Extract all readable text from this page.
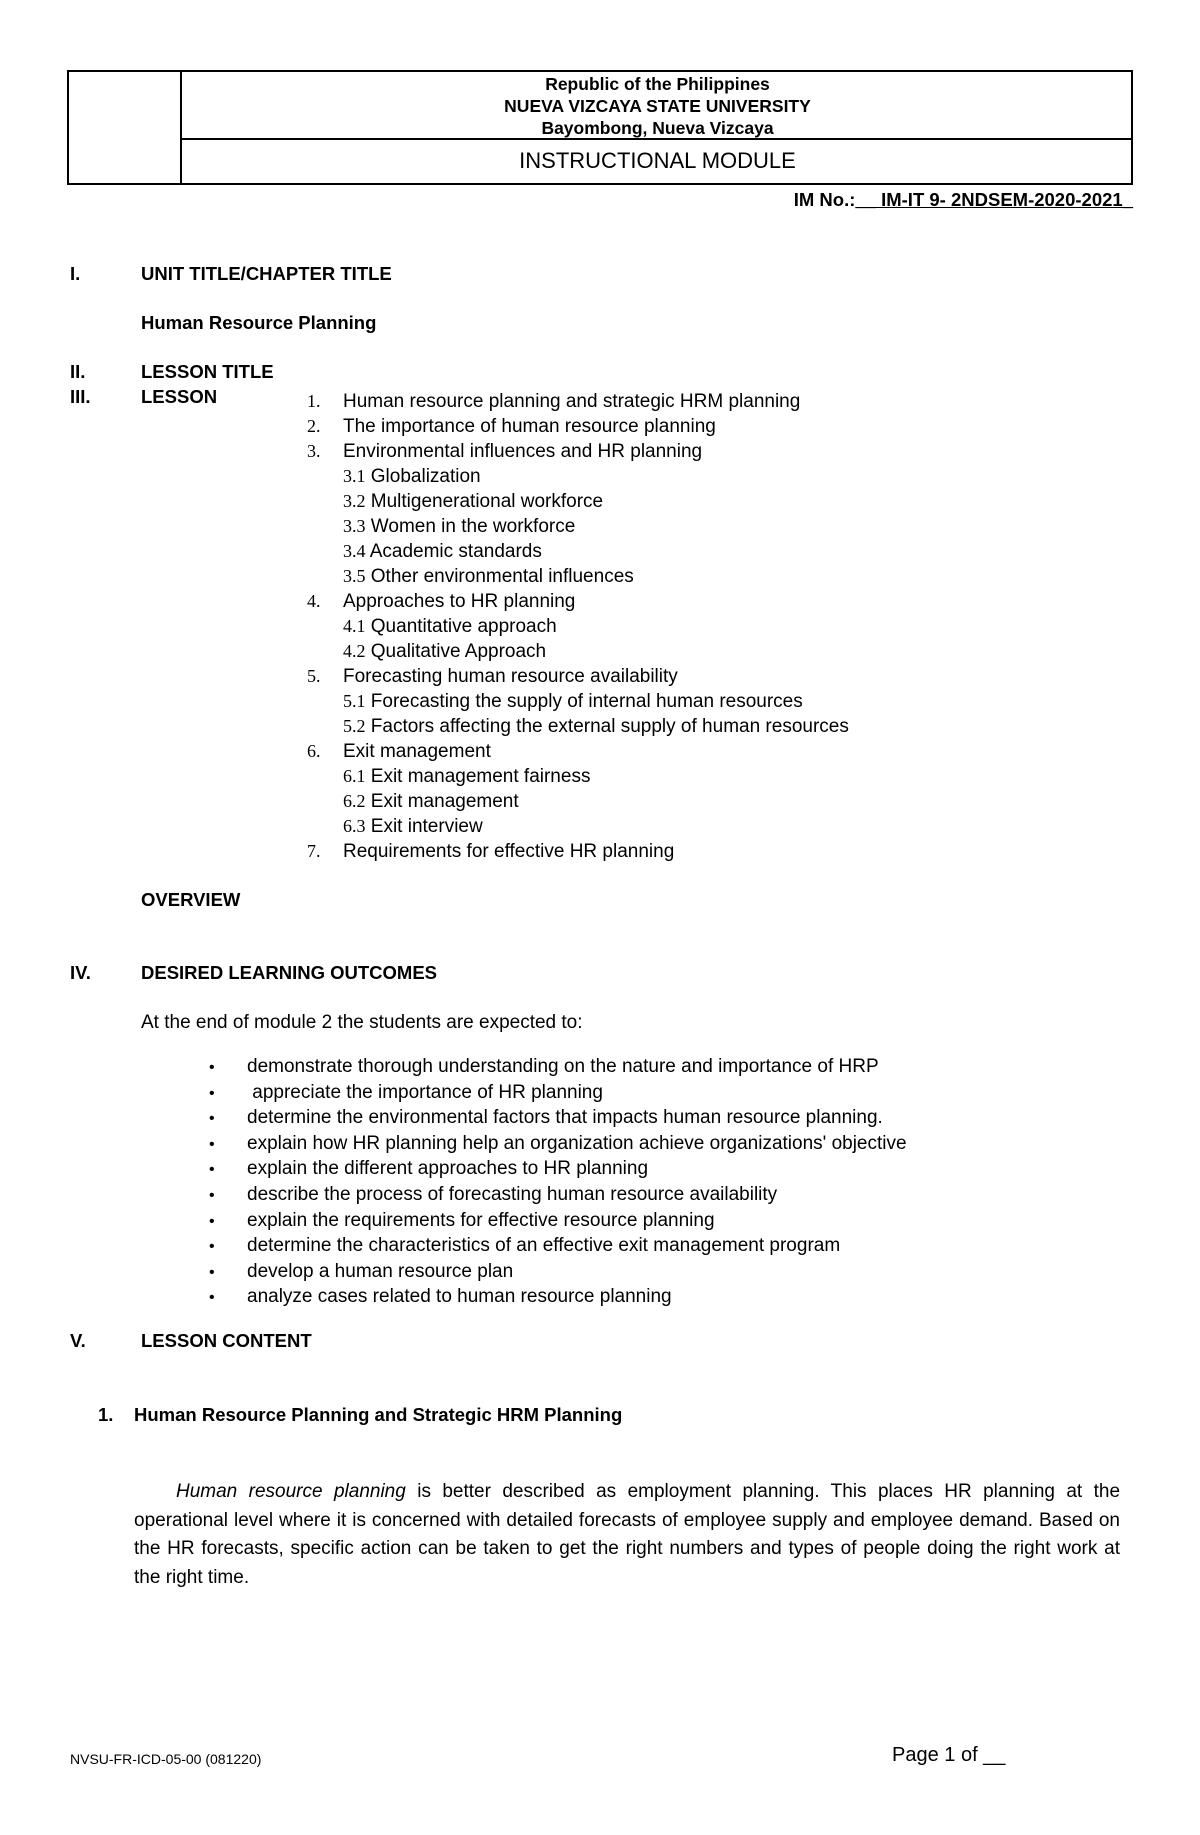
Republic of the Philippines
NUEVA VIZCAYA STATE UNIVERSITY
Bayombong, Nueva Vizcaya
INSTRUCTIONAL MODULE
IM No.:__ IM-IT 9- 2NDSEM-2020-2021_
I.	UNIT TITLE/CHAPTER TITLE
Human Resource Planning
II.	LESSON TITLE
III.	LESSON	1. Human resource planning and strategic HRM planning
2. The importance of human resource planning
3. Environmental influences and HR planning
3.1 Globalization
3.2 Multigenerational workforce
3.3 Women in the workforce
3.4 Academic standards
3.5 Other environmental influences
4. Approaches to HR planning
4.1 Quantitative approach
4.2 Qualitative Approach
5. Forecasting human resource availability
5.1 Forecasting the supply of internal human resources
5.2 Factors affecting the external supply of human resources
6. Exit management
6.1 Exit management fairness
6.2 Exit management
6.3 Exit interview
7. Requirements for effective HR planning
OVERVIEW
IV.	DESIRED LEARNING OUTCOMES
At the end of module 2 the students are expected to:
• demonstrate thorough understanding on the nature and importance of HRP
• appreciate the importance of HR planning
• determine the environmental factors that impacts human resource planning.
• explain how HR planning help an organization achieve organizations' objective
• explain the different approaches to HR planning
• describe the process of forecasting human resource availability
• explain the requirements for effective resource planning
• determine the characteristics of an effective exit management program
• develop a human resource plan
• analyze cases related to human resource planning
V.	LESSON CONTENT
1. Human Resource Planning and Strategic HRM Planning
Human resource planning is better described as employment planning. This places HR planning at the operational level where it is concerned with detailed forecasts of employee supply and employee demand. Based on the HR forecasts, specific action can be taken to get the right numbers and types of people doing the right work at the right time.
NVSU-FR-ICD-05-00 (081220)	Page 1 of __
